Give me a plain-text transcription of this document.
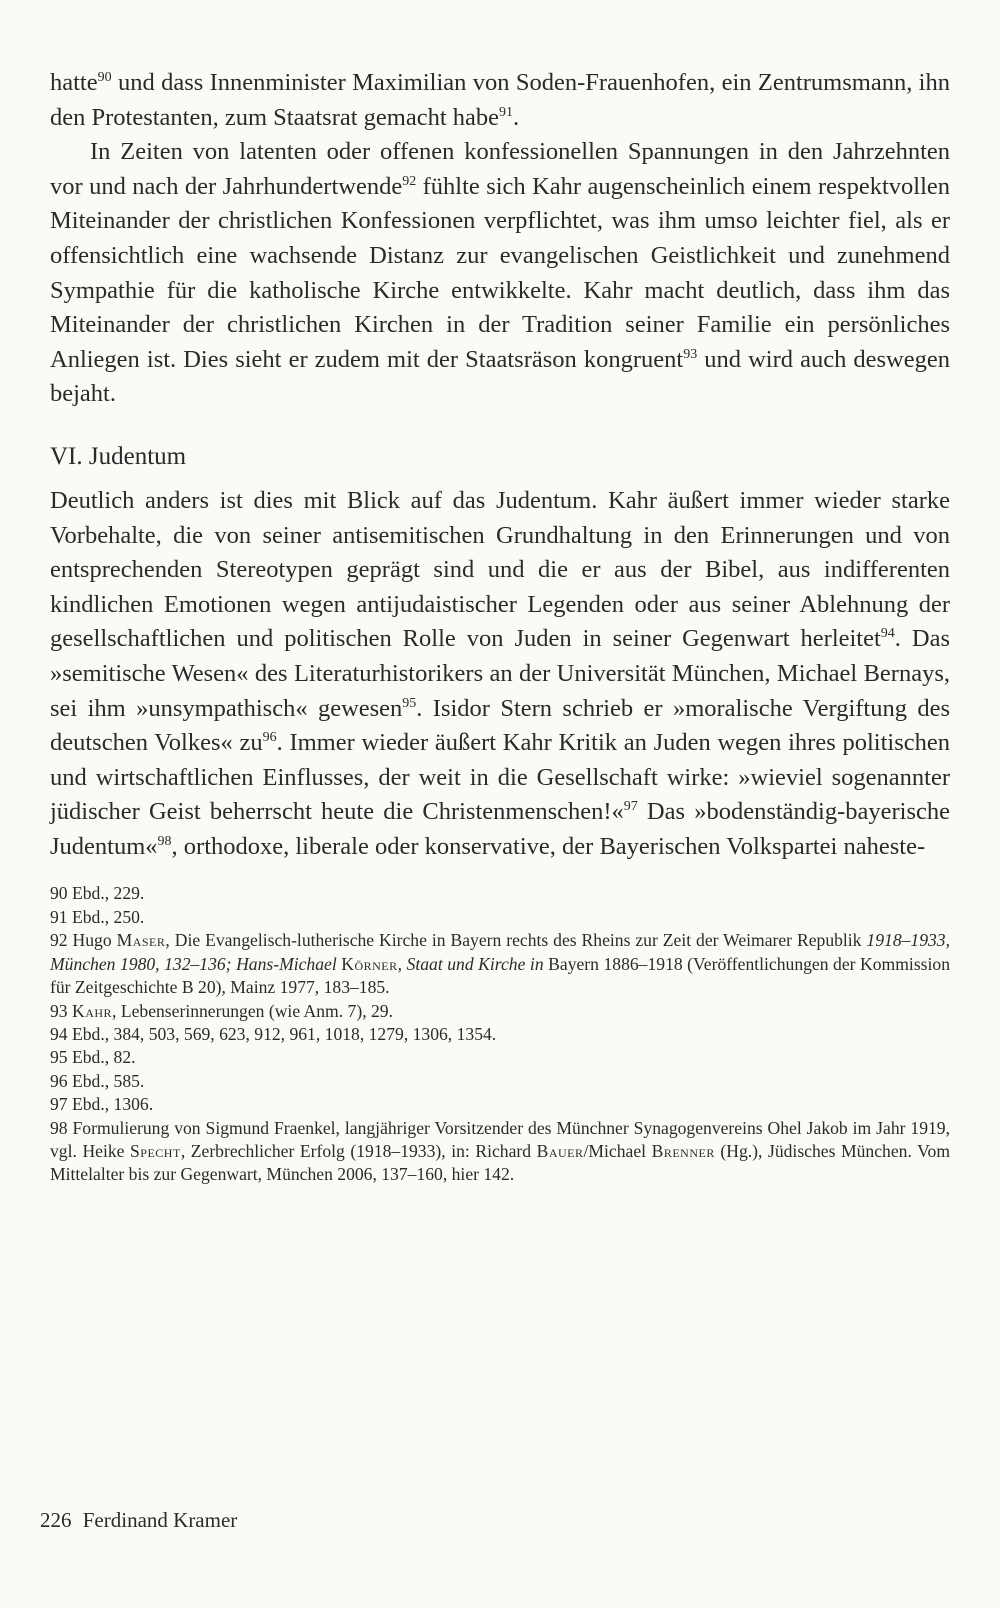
hatte$^{90}$ und dass Innenminister Maximilian von Soden-Frauenhofen, ein Zentrumsmann, ihn den Protestanten, zum Staatsrat gemacht habe$^{91}$.

In Zeiten von latenten oder offenen konfessionellen Spannungen in den Jahrzehnten vor und nach der Jahrhundertwende$^{92}$ fühlte sich Kahr augenscheinlich einem respektvollen Miteinander der christlichen Konfessionen verpflichtet, was ihm umso leichter fiel, als er offensichtlich eine wachsende Distanz zur evangelischen Geistlichkeit und zunehmend Sympathie für die katholische Kirche entwikkelte. Kahr macht deutlich, dass ihm das Miteinander der christlichen Kirchen in der Tradition seiner Familie ein persönliches Anliegen ist. Dies sieht er zudem mit der Staatsräson kongruent$^{93}$ und wird auch deswegen bejaht.

VI. Judentum

Deutlich anders ist dies mit Blick auf das Judentum. Kahr äußert immer wieder starke Vorbehalte, die von seiner antisemitischen Grundhaltung in den Erinnerungen und von entsprechenden Stereotypen geprägt sind und die er aus der Bibel, aus indifferenten kindlichen Emotionen wegen antijudaistischer Legenden oder aus seiner Ablehnung der gesellschaftlichen und politischen Rolle von Juden in seiner Gegenwart herleitet$^{94}$. Das »semitische Wesen« des Literaturhistorikers an der Universität München, Michael Bernays, sei ihm »unsympathisch« gewesen$^{95}$. Isidor Stern schrieb er »moralische Vergiftung des deutschen Volkes« $zu^{96}$. Immer wieder äußert Kahr Kritik an Juden wegen ihres politischen und wirtschaftlichen Einflusses, der weit in die Gesellschaft wirke: »wieviel sogenannter jüdischer Geist beherrscht heute die Christenmenschen!«$^{97}$ Das »bodenständig-bayerische Judentum«$^{98}$, orthodoxe, liberale oder konservative, der Bayerischen Volkspartei naheste-

90 Ebd., 229.

91 Ebd., 250.

92 Hugo Maser, Die Evangelisch-lutherische Kirche in Bayern rechts des Rheins zur Zeit der Weimarer Republik 1918–1933, München 1980, 132–136; Hans-Michael Körner, Staat und Kirche in Bayern 1886–1918 (Veröffentlichungen der Kommission für Zeitgeschichte B 20), Mainz 1977, 183–185.

93 Kahr, Lebenserinnerungen (wie Anm. 7), 29.

94 Ebd., 384, 503, 569, 623, 912, 961, 1018, 1279, 1306, 1354.

95 Ebd., 82.

96 Ebd., 585.

97 Ebd., 1306.

98 Formulierung von Sigmund Fraenkel, langjähriger Vorsitzender des Münchner Synagogenvereins Ohel Jakob im Jahr 1919, vgl. Heike Specht, Zerbrechlicher Erfolg (1918–1933), in: Richard Bauer/Michael Brenner (Hg.), Jüdisches München. Vom Mittelalter bis zur Gegenwart, München 2006, 137–160, hier 142.

226 Ferdinand Kramer
